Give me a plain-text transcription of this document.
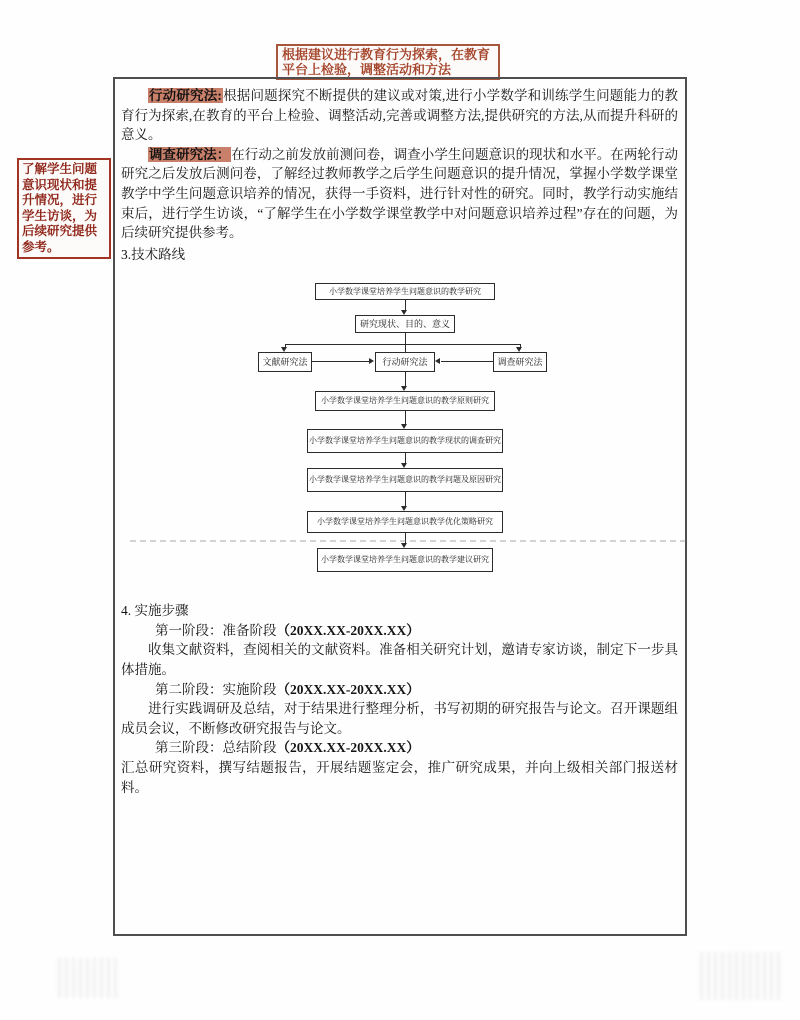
根据建议进行教育行为探索，在教育平台上检验，调整活动和方法
了解学生问题意识现状和提升情况，进行学生访谈，为后续研究提供参考。

行动研究法:根据问题探究不断提供的建议或对策,进行小学数学和训练学生问题能力的教育行为探索,在教育的平台上检验、调整活动,完善或调整方法,提供研究的方法,从而提升科研的意义。

调查研究法：在行动之前发放前测问卷，调查小学生问题意识的现状和水平。在两轮行动研究之后发放后测问卷，了解经过教师教学之后学生问题意识的提升情况，掌握小学数学课堂教学中学生问题意识培养的情况，获得一手资料，进行针对性的研究。同时，教学行动实施结束后，进行学生访谈，“了解学生在小学数学课堂教学中对问题意识培养过程”存在的问题，为后续研究提供参考。

3.技术路线
小学数学课堂培养学生问题意识的教学研究
研究现状、目的、意义
文献研究法	行动研究法	调查研究法
小学数学课堂培养学生问题意识的教学原则研究
小学数学课堂培养学生问题意识的教学现状的调查研究
小学数学课堂培养学生问题意识的教学问题及原因研究
小学数学课堂培养学生问题意识教学优化策略研究
小学数学课堂培养学生问题意识的教学建议研究
4. 实施步骤
第一阶段：准备阶段（20XX.XX-20XX.XX）

收集文献资料，查阅相关的文献资料。准备相关研究计划，邀请专家访谈，制定下一步具体措施。

第二阶段：实施阶段（20XX.XX-20XX.XX）

进行实践调研及总结，对于结果进行整理分析，书写初期的研究报告与论文。召开课题组成员会议，不断修改研究报告与论文。

第三阶段：总结阶段（20XX.XX-20XX.XX）

汇总研究资料，撰写结题报告，开展结题鉴定会，推广研究成果，并向上级相关部门报送材料。
